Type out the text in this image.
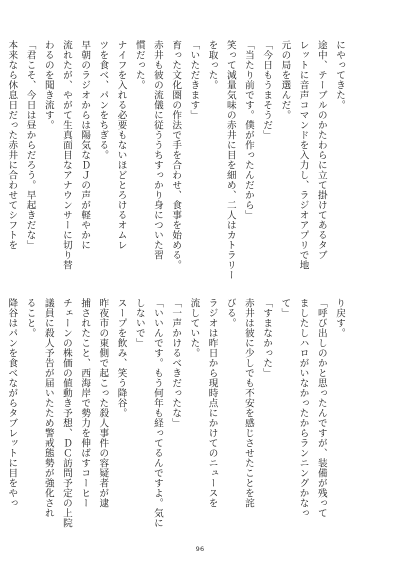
にやってきた。
途中、テーブルのかたわらに立て掛けてあるタブ
レットに音声コマンドを入力し、ラジオアプリで地
元の局を選んだ。
「今日もうまそうだ」
「当たり前です。僕が作ったんだから」
笑って減量気味の赤井に目を細め、二人はカトラリー
を取った。
「いただきます」
育った文化圏の作法で手を合わせ、食事を始める。
赤井も彼の流儀に従ううちすっかり身についた習
慣だった。
ナイフを入れる必要もないほどとろけるオムレ
ツを食べ、パンをちぎる。
早朝のラジオからは陽気なＤＪの声が軽やかに
流れたが、やがて生真面目なアナウンサーに切り替
わるのを聞き流す。
「君こそ、今日は昼からだろう。早起きだな」
本来なら休息日だった赤井に合わせてシフトを
り戻す。
「呼び出しのかと思ったんですが、装備が残って
ましたしハロがいなかったからランニングかなっ
て」
「すまなかった」
赤井は彼に少しでも不安を感じさせたことを詫
びる。
ラジオは昨日から現時点にかけてのニュースを
流していた。
「一声かけるべきだったな」
「いいんです。もう何年も経ってるんですよ。気に
しないで」
スープを飲み、笑う降谷。
昨夜市の東側で起こった殺人事件の容疑者が逮
捕されたこと、西海岸で勢力を伸ばすコーヒー
チェーンの株価の値動き予想、ＤＣ訪問予定の上院
議員に殺人予告が届いたため警戒態勢が強化され
ること。
降谷はパンを食べながらタブレットに目をやっ
96
